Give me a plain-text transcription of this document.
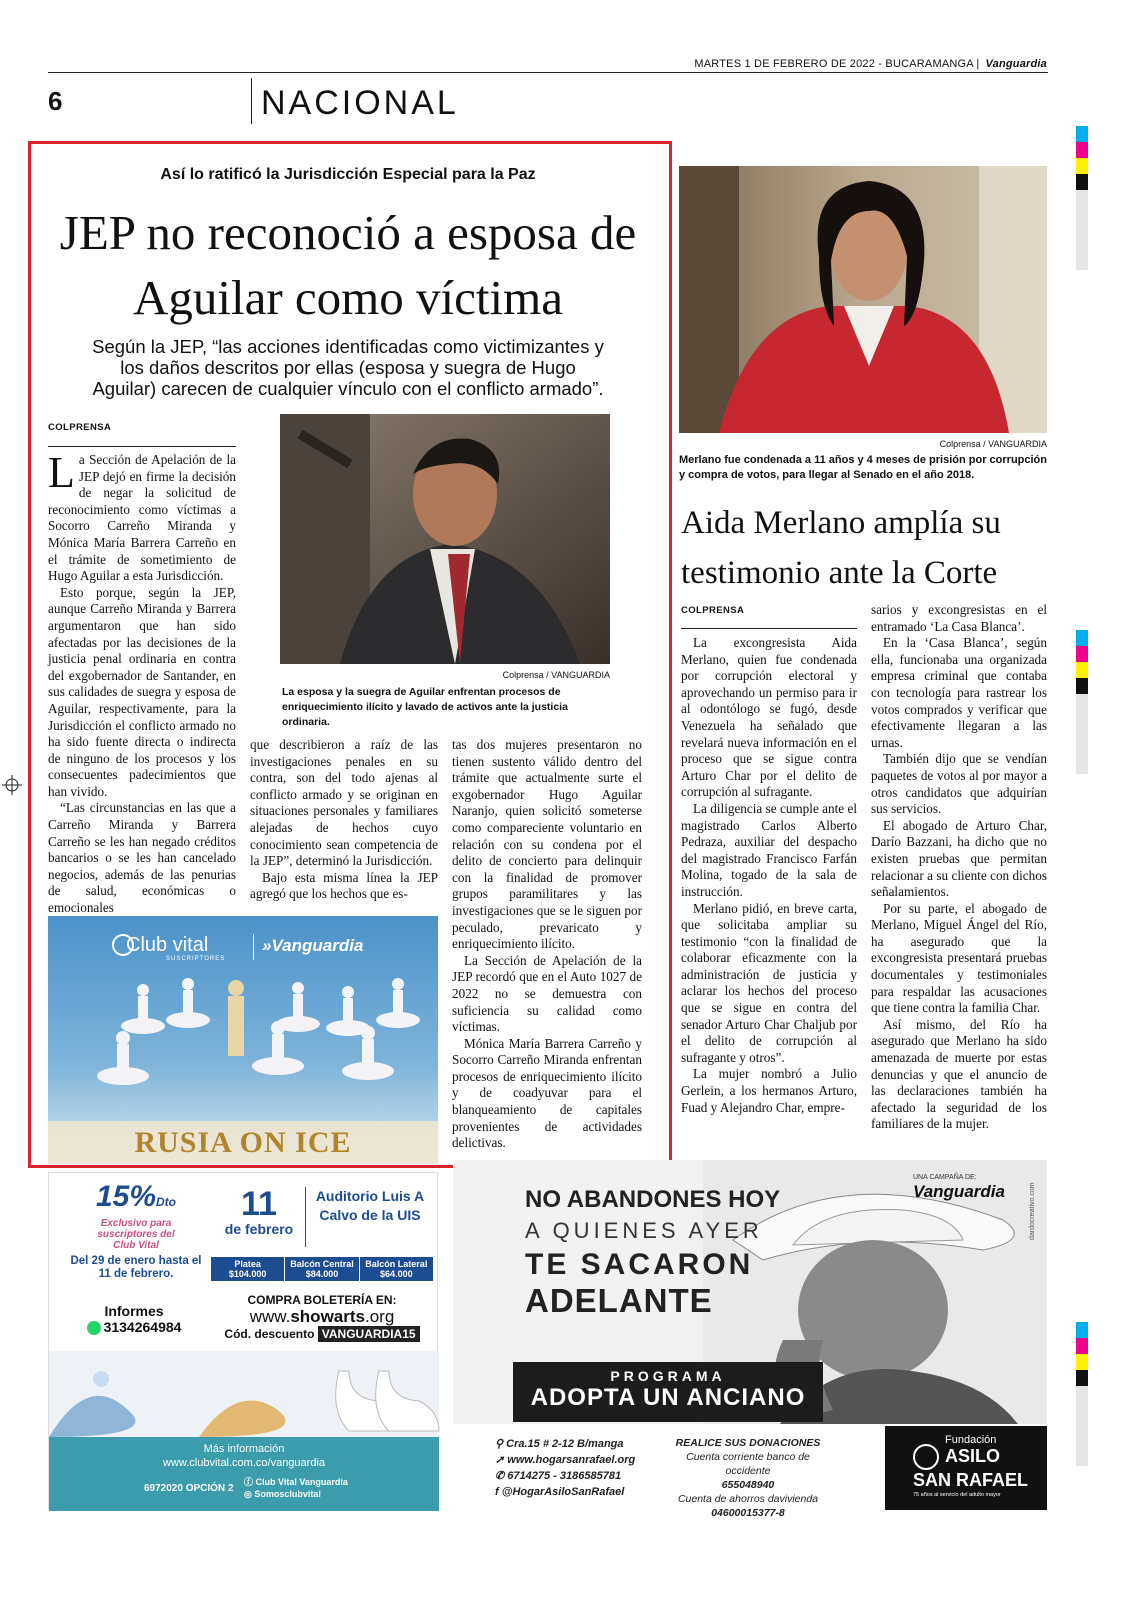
MARTES 1 DE FEBRERO DE 2022 - BUCARAMANGA | Vanguardia
6	NACIONAL
Así lo ratificó la Jurisdicción Especial para la Paz
JEP no reconoció a esposa de Aguilar como víctima
Según la JEP, “las acciones identificadas como victimizantes y los daños descritos por ellas (esposa y suegra de Hugo Aguilar) carecen de cualquier vínculo con el conflicto armado”.
COLPRENSA
Colprensa / VANGUARDIA
La esposa y la suegra de Aguilar enfrentan procesos de enriquecimiento ilícito y lavado de activos ante la justicia ordinaria.

La Sección de Apelación de la JEP dejó en firme la decisión de negar la solicitud de reconocimiento como víctimas a Socorro Carreño Miranda y Mónica María Barrera Carreño en el trámite de sometimiento de Hugo Aguilar a esta Jurisdicción.

Esto porque, según la JEP, aunque Carreño Miranda y Barrera argumentaron que han sido afectadas por las decisiones de la justicia penal ordinaria en contra del exgobernador de Santander, en sus calidades de suegra y esposa de Aguilar, respectivamente, para la Jurisdicción el conflicto armado no ha sido fuente directa o indirecta de ninguno de los procesos y los consecuentes padecimientos que han vivido.

“Las circunstancias en las que a Carreño Miranda y Barrera Carreño se les han negado créditos bancarios o se les han cancelado negocios, además de las penurias de salud, económicas o emocionales

que describieron a raíz de las investigaciones penales en su contra, son del todo ajenas al conflicto armado y se originan en situaciones personales y familiares alejadas de hechos cuyo conocimiento sean competencia de la JEP”, determinó la Jurisdicción.

Bajo esta misma línea la JEP agregó que los hechos que es-

tas dos mujeres presentaron no tienen sustento válido dentro del trámite que actualmente surte el exgobernador Hugo Aguilar Naranjo, quien solicitó someterse como compareciente voluntario en relación con su condena por el delito de concierto para delinquir con la finalidad de promover grupos paramilitares y las investigaciones que se le siguen por peculado, prevaricato y enriquecimiento ilícito.

La Sección de Apelación de la JEP recordó que en el Auto 1027 de 2022 no se demuestra con suficiencia su calidad como víctimas.

Mónica María Barrera Carreño y Socorro Carreño Miranda enfrentan procesos de enriquecimiento ilícito y de coadyuvar para el blanqueamiento de capitales provenientes de actividades delictivas.

Club vital
SUSCRIPTORES
»Vanguardia
RUSIA ON ICE
Colprensa / VANGUARDIA
Merlano fue condenada a 11 años y 4 meses de prisión por corrupción y compra de votos, para llegar al Senado en el año 2018.
Aida Merlano amplía su testimonio ante la Corte
COLPRENSA

La excongresista Aida Merlano, quien fue condenada por corrupción electoral y aprovechando un permiso para ir al odontólogo se fugó, desde Venezuela ha señalado que revelará nueva información en el proceso que se sigue contra Arturo Char por el delito de corrupción al sufragante.

La diligencia se cumple ante el magistrado Carlos Alberto Pedraza, auxiliar del despacho del magistrado Francisco Farfán Molina, togado de la sala de instrucción.

Merlano pidió, en breve carta, que solicitaba ampliar su testimonio “con la finalidad de colaborar eficazmente con la administración de justicia y aclarar los hechos del proceso que se sigue en contra del senador Arturo Char Chaljub por el delito de corrupción al sufragante y otros”.

La mujer nombró a Julio Gerlein, a los hermanos Arturo, Fuad y Alejandro Char, empre-

sarios y excongresistas en el entramado ‘La Casa Blanca’.

En la ‘Casa Blanca’, según ella, funcionaba una organizada empresa criminal que contaba con tecnología para rastrear los votos comprados y verificar que efectivamente llegaran a las urnas.

También dijo que se vendían paquetes de votos al por mayor a otros candidatos que adquirían sus servicios.

El abogado de Arturo Char, Darío Bazzani, ha dicho que no existen pruebas que permitan relacionar a su cliente con dichos señalamientos.

Por su parte, el abogado de Merlano, Miguel Ángel del Río, ha asegurado que la excongresista presentará pruebas documentales y testimoniales para respaldar las acusaciones que tiene contra la familia Char.

Así mismo, del Río ha asegurado que Merlano ha sido amenazada de muerte por estas denuncias y que el anuncio de las declaraciones también ha afectado la seguridad de los familiares de la mujer.

15%Dto
Exclusivo para suscriptores del Club Vital
Del 29 de enero hasta el 11 de febrero.
11
de febrero
Auditorio Luis A Calvo de la UIS
Platea
$104.000
Balcón Central
$84.000
Balcón Lateral
$64.000
Informes
3134264984
COMPRA BOLETERÍA EN:
www.showarts.org
Cód. descuento VANGUARDIA15
Más información
www.clubvital.com.co/vanguardia
6972020 OPCIÓN 2
ⓕ Club Vital Vanguardia
◎ Somosclubvital
UNA CAMPAÑA DE:
Vanguardia
NO ABANDONES HOY
A QUIENES AYER
TE SACARON
ADELANTE
dardocreativo.com
PROGRAMA
ADOPTA UN ANCIANO
⚲ Cra.15 # 2-12 B/manga
➚ www.hogarsanrafael.org
✆ 6714275 - 3186585781
f @HogarAsiloSanRafael
REALICE SUS DONACIONES
Cuenta corriente banco de occidente
655048940
Cuenta de ahorros davivienda
04600015377-8
Fundación
ASILO
SAN RAFAEL
75 años al servicio del adulto mayor
